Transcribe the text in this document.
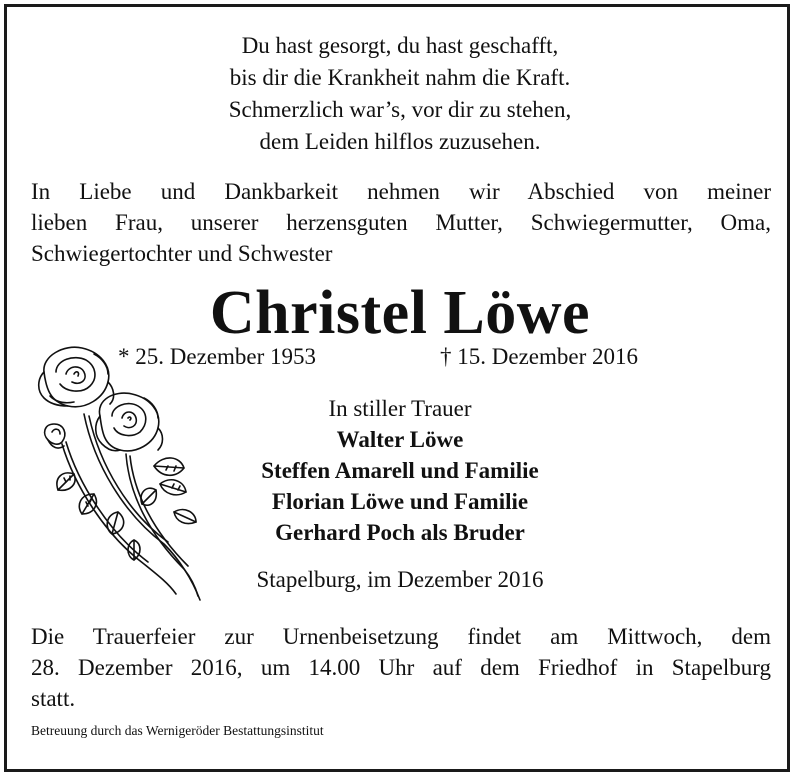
Du hast gesorgt, du hast geschafft,
bis dir die Krankheit nahm die Kraft.
Schmerzlich war’s, vor dir zu stehen,
dem Leiden hilflos zuzusehen.
In Liebe und Dankbarkeit nehmen wir Abschied von meiner
lieben Frau, unserer herzensguten Mutter, Schwiegermutter, Oma,
Schwiegertochter und Schwester
Christel Löwe
* 25. Dezember 1953	† 15. Dezember 2016
In stiller Trauer
Walter Löwe
Steffen Amarell und Familie
Florian Löwe und Familie
Gerhard Poch als Bruder
Stapelburg, im Dezember 2016
Die Trauerfeier zur Urnenbeisetzung findet am Mittwoch, dem
28. Dezember 2016, um 14.00 Uhr auf dem Friedhof in Stapelburg
statt.
Betreuung durch das Wernigeröder Bestattungsinstitut
